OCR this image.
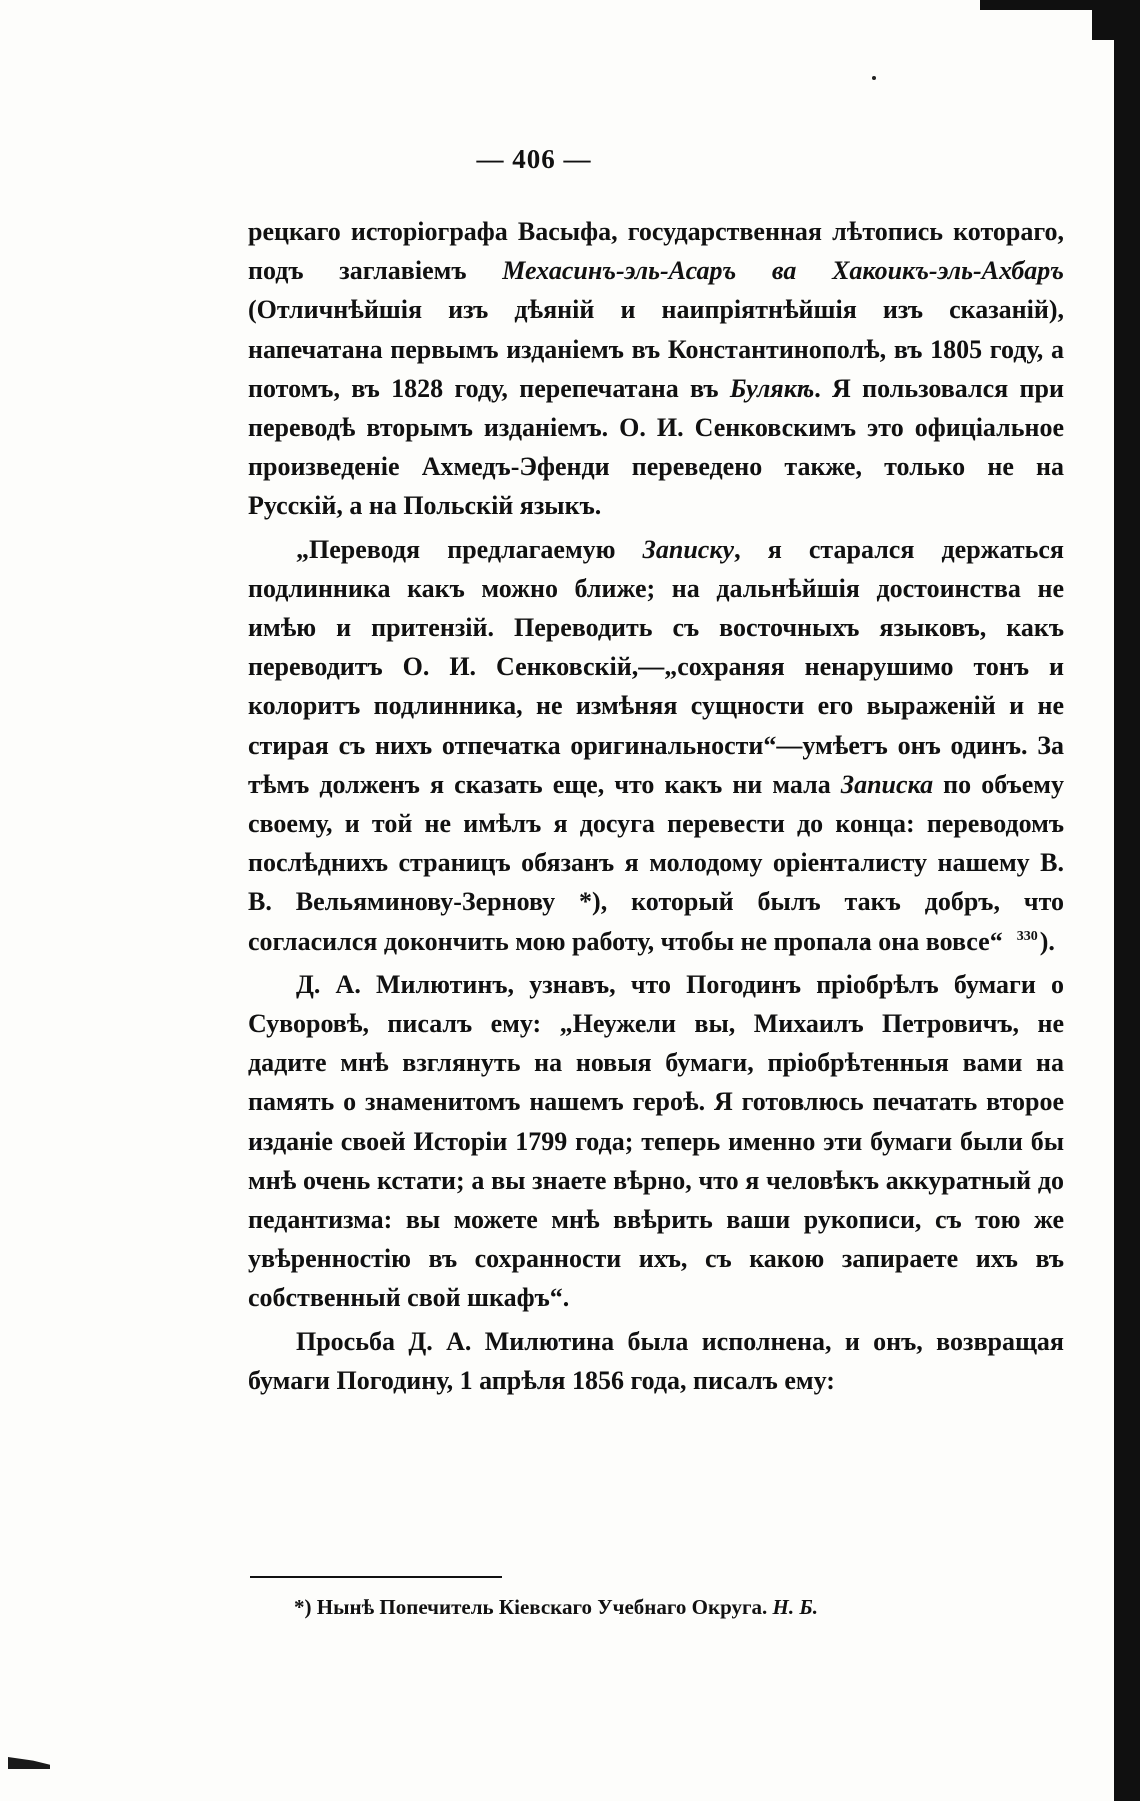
— 406 —

рецкаго исторiографа Васыфа, государственная лѣтопись котораго, подъ заглавiемъ Мехасинъ-эль-Асаръ ва Хакоикъ-эль-Ахбаръ (Отличнѣйшiя изъ дѣянiй и наипрiятнѣйшiя изъ сказанiй), напечатана первымъ изданiемъ въ Константинополѣ, въ 1805 году, а потомъ, въ 1828 году, перепечатана въ Булякѣ. Я пользовался при переводѣ вторымъ изданiемъ. О. И. Сенковскимъ это офицiальное произведенiе Ахмедъ-Эфенди переведено также, только не на Русскiй, а на Польскiй языкъ.

„Переводя предлагаемую Записку, я старался держаться подлинника какъ можно ближе; на дальнѣйшiя достоинства не имѣю и притензiй. Переводить съ восточныхъ языковъ, какъ переводитъ О. И. Сенковскiй,—„сохраняя ненарушимо тонъ и колоритъ подлинника, не измѣняя сущности его выраженiй и не стирая съ нихъ отпечатка оригинальности“—умѣетъ онъ одинъ. За тѣмъ долженъ я сказать еще, что какъ ни мала Записка по объему своему, и той не имѣлъ я досуга перевести до конца: переводомъ послѣднихъ страницъ обязанъ я молодому орiенталисту нашему В. В. Вельяминову-Зернову *), который былъ такъ добръ, что согласился докончить мою работу, чтобы не пропала она вовсе“ $^{330}$).

Д. А. Милютинъ, узнавъ, что Погодинъ прiобрѣлъ бумаги о Суворовѣ, писалъ ему: „Неужели вы, Михаилъ Петровичъ, не дадите мнѣ взглянуть на новыя бумаги, прiобрѣтенныя вами на память о знаменитомъ нашемъ героѣ. Я готовлюсь печатать второе изданiе своей Исторiи 1799 года; теперь именно эти бумаги были бы мнѣ очень кстати; а вы знаете вѣрно, что я человѣкъ аккуратный до педантизма: вы можете мнѣ ввѣрить ваши рукописи, съ тою же увѣренностiю въ сохранности ихъ, съ какою запираете ихъ въ собственный свой шкафъ“.

Просьба Д. А. Милютина была исполнена, и онъ, возвращая бумаги Погодину, 1 апрѣля 1856 года, писалъ ему:

*) Нынѣ Попечитель Кiевскаго Учебнаго Округа. Н. Б.
